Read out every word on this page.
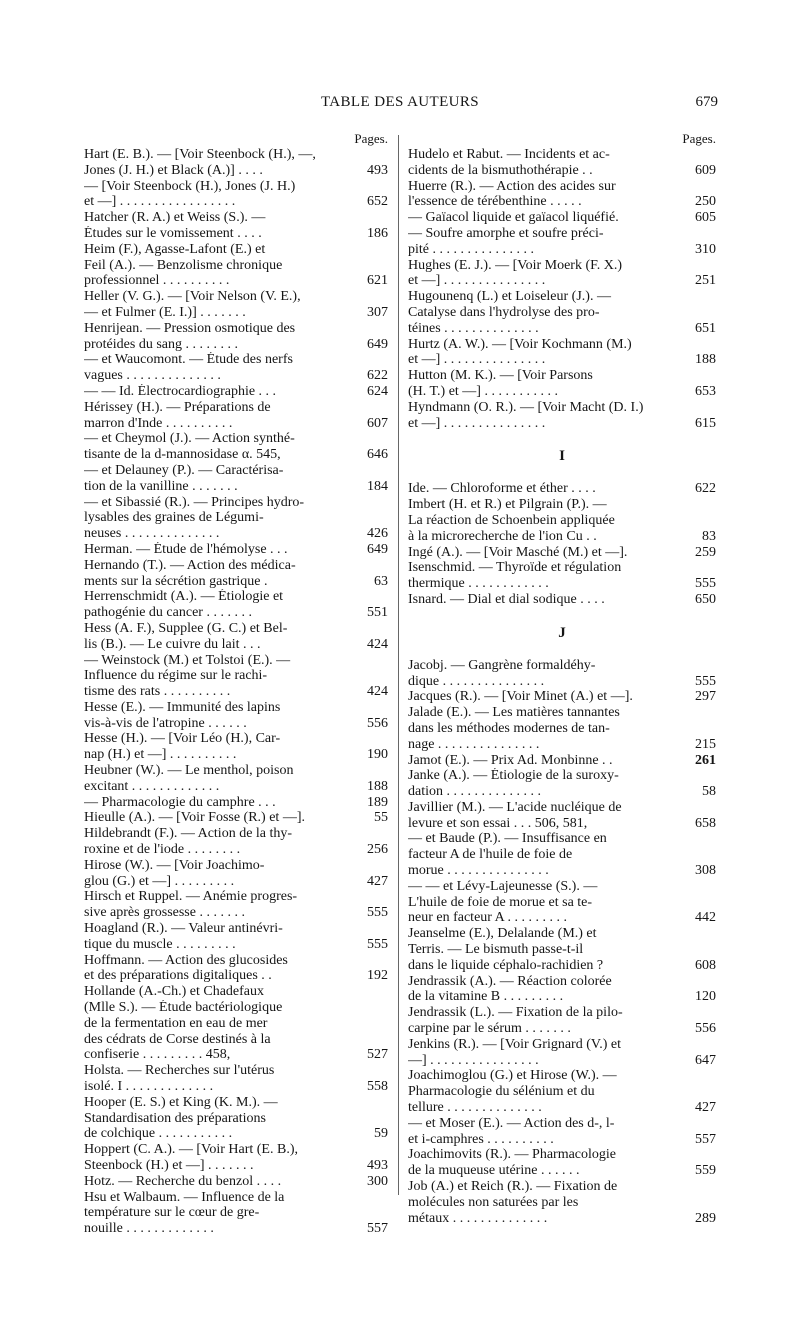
TABLE DES AUTEURS	679
Pages.
Hart (E. B.). — [Voir Steenbock (H.), —,
Jones (J. H.) et Black (A.)] . . . .	493
— [Voir Steenbock (H.), Jones (J. H.)
et —] . . . . . . . . . . . . . . . . .	652
Hatcher (R. A.) et Weiss (S.). —
Études sur le vomissement . . . .	186
Heim (F.), Agasse-Lafont (E.) et
Feil (A.). — Benzolisme chronique
professionnel . . . . . . . . . .	621
Heller (V. G.). — [Voir Nelson (V. E.),
— et Fulmer (E. I.)] . . . . . . .	307
Henrijean. — Pression osmotique des
protéides du sang . . . . . . . .	649
— et Waucomont. — Étude des nerfs
vagues . . . . . . . . . . . . . .	622
— — Id. Électrocardiographie . . .	624
Hérissey (H.). — Préparations de
marron d'Inde . . . . . . . . . .	607
— et Cheymol (J.). — Action synthé-
tisante de la d-mannosidase α. 545,	646
— et Delauney (P.). — Caractérisa-
tion de la vanilline . . . . . . .	184
— et Sibassié (R.). — Principes hydro-
lysables des graines de Légumi-
neuses . . . . . . . . . . . . . .	426
Herman. — Étude de l'hémolyse . . .	649
Hernando (T.). — Action des médica-
ments sur la sécrétion gastrique .	63
Herrenschmidt (A.). — Étiologie et
pathogénie du cancer . . . . . . .	551
Hess (A. F.), Supplee (G. C.) et Bel-
lis (B.). — Le cuivre du lait . . .	424
— Weinstock (M.) et Tolstoi (E.). —
Influence du régime sur le rachi-
tisme des rats . . . . . . . . . .	424
Hesse (E.). — Immunité des lapins
vis-à-vis de l'atropine . . . . . .	556
Hesse (H.). — [Voir Léo (H.), Car-
nap (H.) et —] . . . . . . . . . .	190
Heubner (W.). — Le menthol, poison
excitant . . . . . . . . . . . . .	188
— Pharmacologie du camphre . . .	189
Hieulle (A.). — [Voir Fosse (R.) et —].	55
Hildebrandt (F.). — Action de la thy-
roxine et de l'iode . . . . . . . .	256
Hirose (W.). — [Voir Joachimo-
glou (G.) et —] . . . . . . . . .	427
Hirsch et Ruppel. — Anémie progres-
sive après grossesse . . . . . . .	555
Hoagland (R.). — Valeur antinévri-
tique du muscle . . . . . . . . .	555
Hoffmann. — Action des glucosides
et des préparations digitaliques . .	192
Hollande (A.-Ch.) et Chadefaux
(Mlle S.). — Étude bactériologique
de la fermentation en eau de mer
des cédrats de Corse destinés à la
confiserie . . . . . . . . . 458,	527
Holsta. — Recherches sur l'utérus
isolé. I . . . . . . . . . . . . .	558
Hooper (E. S.) et King (K. M.). —
Standardisation des préparations
de colchique . . . . . . . . . . .	59
Hoppert (C. A.). — [Voir Hart (E. B.),
Steenbock (H.) et —] . . . . . . .	493
Hotz. — Recherche du benzol . . . .	300
Hsu et Walbaum. — Influence de la
température sur le cœur de gre-
nouille . . . . . . . . . . . . .	557
Pages.
Hudelo et Rabut. — Incidents et ac-
cidents de la bismuthothérapie . .	609
Huerre (R.). — Action des acides sur
l'essence de térébenthine . . . . .	250
— Gaïacol liquide et gaïacol liquéfié.	605
— Soufre amorphe et soufre préci-
pité . . . . . . . . . . . . . . .	310
Hughes (E. J.). — [Voir Moerk (F. X.)
et —] . . . . . . . . . . . . . . .	251
Hugounenq (L.) et Loiseleur (J.). —
Catalyse dans l'hydrolyse des pro-
téines . . . . . . . . . . . . . .	651
Hurtz (A. W.). — [Voir Kochmann (M.)
et —] . . . . . . . . . . . . . . .	188
Hutton (M. K.). — [Voir Parsons
(H. T.) et —] . . . . . . . . . . .	653
Hyndmann (O. R.). — [Voir Macht (D. I.)
et —] . . . . . . . . . . . . . . .	615
I
Ide. — Chloroforme et éther . . . .	622
Imbert (H. et R.) et Pilgrain (P.). —
La réaction de Schoenbein appliquée
à la microrecherche de l'ion Cu . .	83
Ingé (A.). — [Voir Masché (M.) et —].	259
Isenschmid. — Thyroïde et régulation
thermique . . . . . . . . . . . .	555
Isnard. — Dial et dial sodique . . . .	650
J
Jacobj. — Gangrène formaldéhy-
dique . . . . . . . . . . . . . . .	555
Jacques (R.). — [Voir Minet (A.) et —].	297
Jalade (E.). — Les matières tannantes
dans les méthodes modernes de tan-
nage . . . . . . . . . . . . . . .	215
Jamot (E.). — Prix Ad. Monbinne . .	261
Janke (A.). — Étiologie de la suroxy-
dation . . . . . . . . . . . . . .	58
Javillier (M.). — L'acide nucléique de
levure et son essai . . . 506, 581,	658
— et Baude (P.). — Insuffisance en
facteur A de l'huile de foie de
morue . . . . . . . . . . . . . . .	308
— — et Lévy-Lajeunesse (S.). —
L'huile de foie de morue et sa te-
neur en facteur A . . . . . . . . .	442
Jeanselme (E.), Delalande (M.) et
Terris. — Le bismuth passe-t-il
dans le liquide céphalo-rachidien ?	608
Jendrassik (A.). — Réaction colorée
de la vitamine B . . . . . . . . .	120
Jendrassik (L.). — Fixation de la pilo-
carpine par le sérum . . . . . . .	556
Jenkins (R.). — [Voir Grignard (V.) et
—] . . . . . . . . . . . . . . . .	647
Joachimoglou (G.) et Hirose (W.). —
Pharmacologie du sélénium et du
tellure . . . . . . . . . . . . . .	427
— et Moser (E.). — Action des d-, l-
et i-camphres . . . . . . . . . .	557
Joachimovits (R.). — Pharmacologie
de la muqueuse utérine . . . . . .	559
Job (A.) et Reich (R.). — Fixation de
molécules non saturées par les
métaux . . . . . . . . . . . . . .	289
